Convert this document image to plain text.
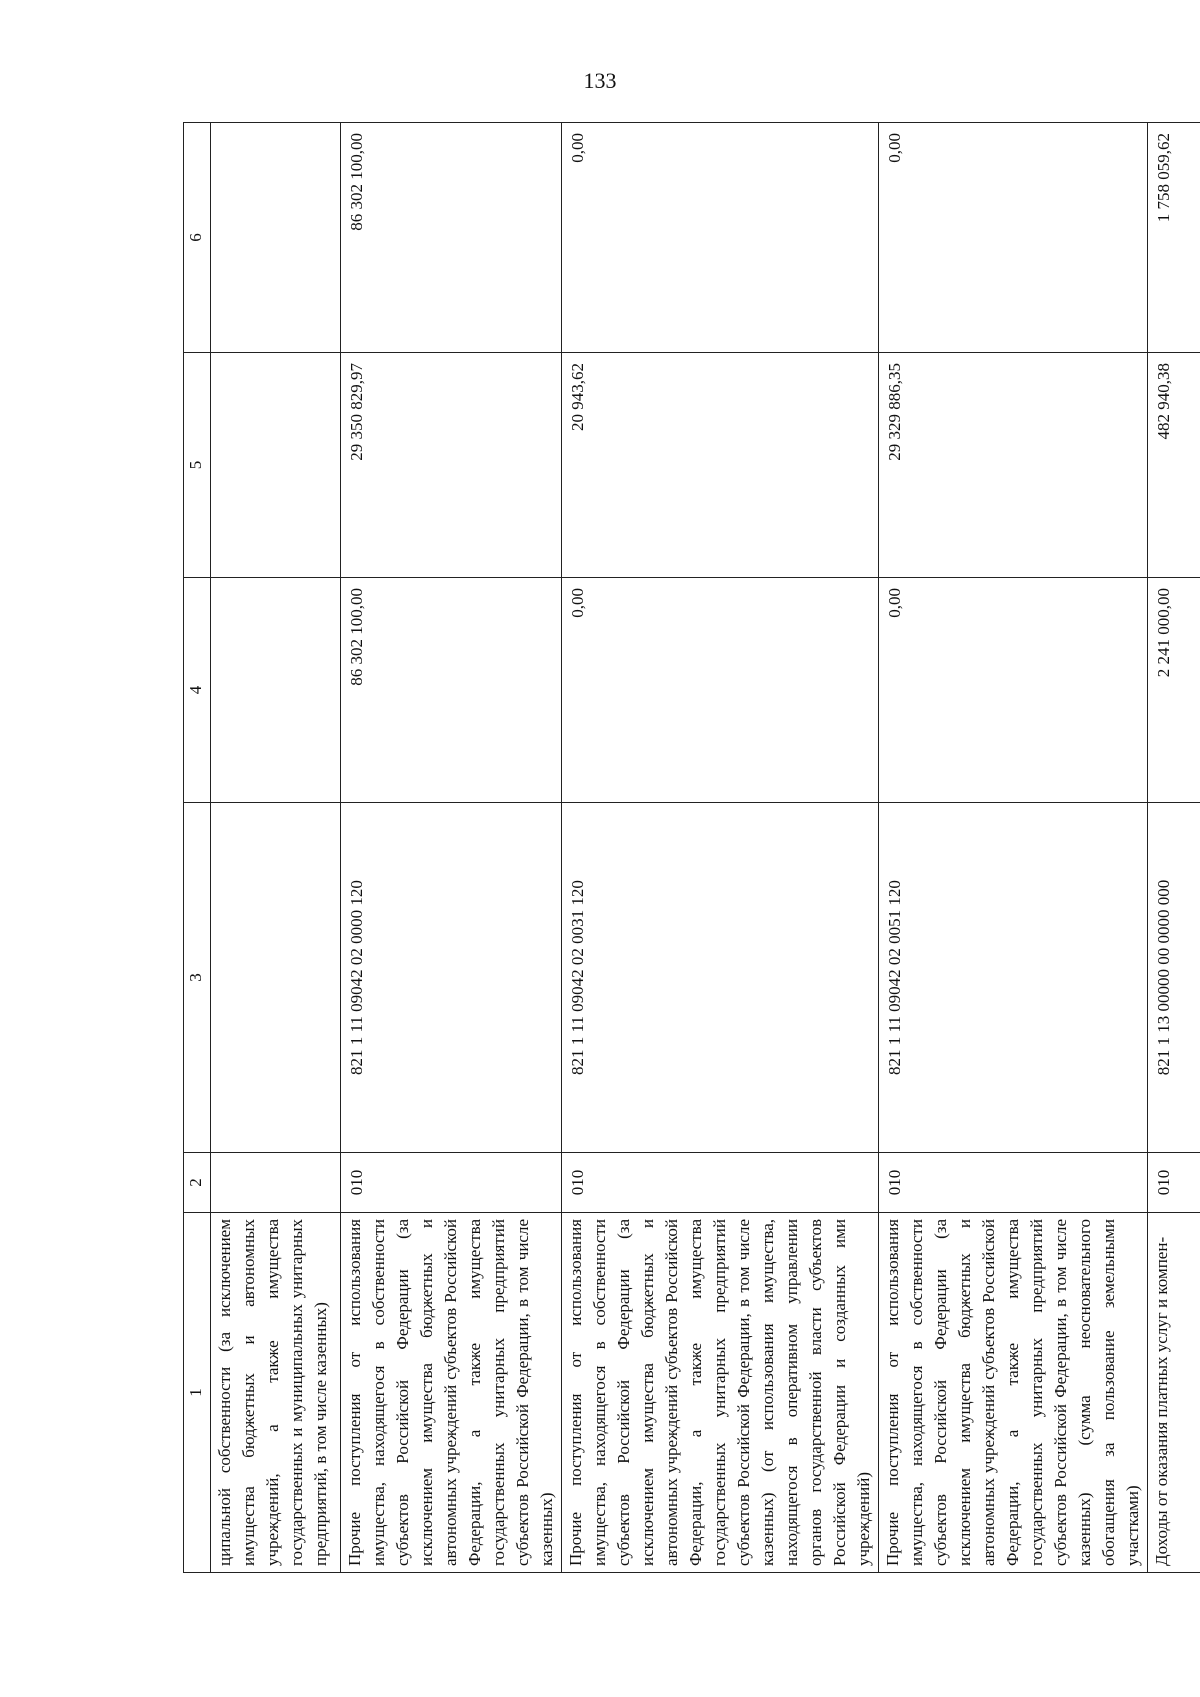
133
1	2	3	4	5	6
ципальной собственности (за исключением имущества бюджетных и автономных учреждений, а также имущества государственных и муниципальных унитарных предприятий, в том числе казенных)					
Прочие поступления от использования имущества, находящегося в собственности субъектов Российской Федерации (за исключением имущества бюджетных и автономных учреждений субъектов Российской Федерации, а также имущества государственных унитарных предприятий субъектов Российской Федерации, в том числе казенных)	010	821 1 11 09042 02 0000 120	86 302 100,00	29 350 829,97	86 302 100,00
Прочие поступления от использования имущества, находящегося в собственности субъектов Российской Федерации (за исключением имущества бюджетных и автономных учреждений субъектов Российской Федерации, а также имущества государственных унитарных предприятий субъектов Российской Федерации, в том числе казенных) (от использования имущества, находящегося в оперативном управлении органов государственной власти субъектов Российской Федерации и созданных ими учреждений)	010	821 1 11 09042 02 0031 120	0,00	20 943,62	0,00
Прочие поступления от использования имущества, находящегося в собственности субъектов Российской Федерации (за исключением имущества бюджетных и автономных учреждений субъектов Российской Федерации, а также имущества государственных унитарных предприятий субъектов Российской Федерации, в том числе казенных) (сумма неосновательного обогащения за пользование земельными участками)	010	821 1 11 09042 02 0051 120	0,00	29 329 886,35	0,00
Доходы от оказания платных услуг и компен-	010	821 1 13 00000 00 0000 000	2 241 000,00	482 940,38	1 758 059,62
